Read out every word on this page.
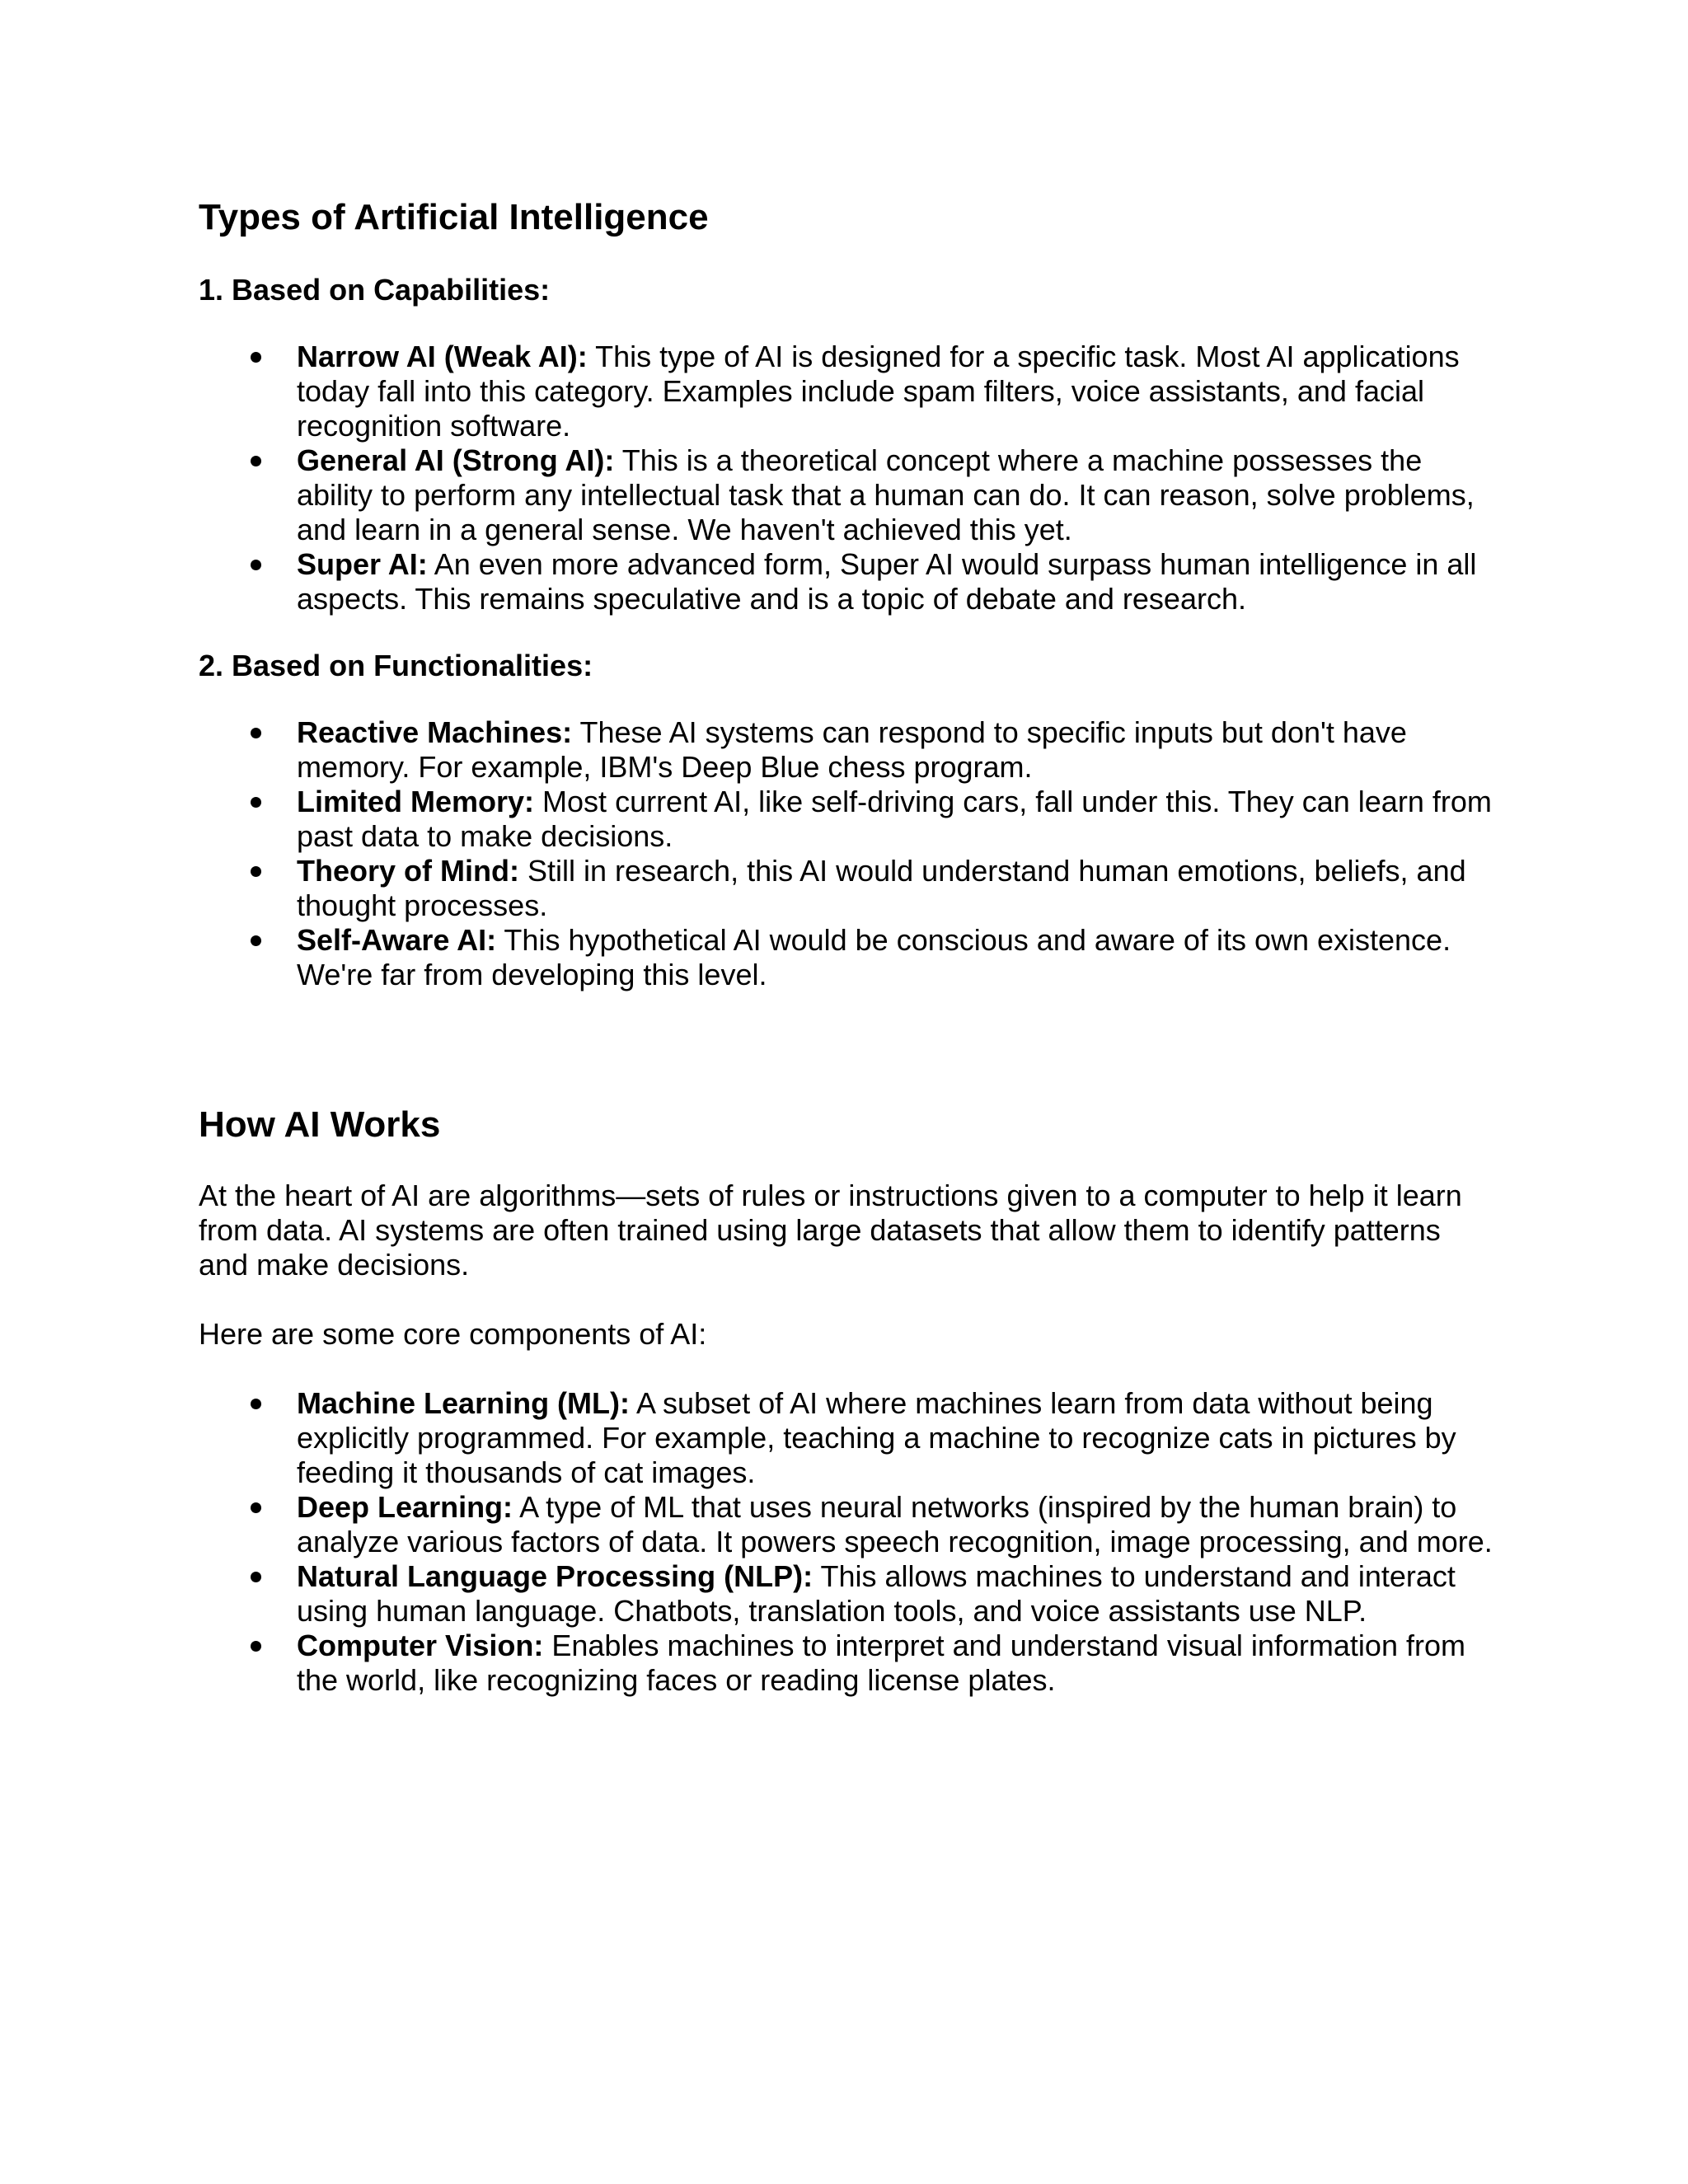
Types of Artificial Intelligence
1. Based on Capabilities:
Narrow AI (Weak AI): This type of AI is designed for a specific task. Most AI applications today fall into this category. Examples include spam filters, voice assistants, and facial recognition software.
General AI (Strong AI): This is a theoretical concept where a machine possesses the ability to perform any intellectual task that a human can do. It can reason, solve problems, and learn in a general sense. We haven't achieved this yet.
Super AI: An even more advanced form, Super AI would surpass human intelligence in all aspects. This remains speculative and is a topic of debate and research.
2. Based on Functionalities:
Reactive Machines: These AI systems can respond to specific inputs but don't have memory. For example, IBM's Deep Blue chess program.
Limited Memory: Most current AI, like self-driving cars, fall under this. They can learn from past data to make decisions.
Theory of Mind: Still in research, this AI would understand human emotions, beliefs, and thought processes.
Self-Aware AI: This hypothetical AI would be conscious and aware of its own existence. We're far from developing this level.
How AI Works

At the heart of AI are algorithms—sets of rules or instructions given to a computer to help it learn from data. AI systems are often trained using large datasets that allow them to identify patterns and make decisions.

Here are some core components of AI:

Machine Learning (ML): A subset of AI where machines learn from data without being explicitly programmed. For example, teaching a machine to recognize cats in pictures by feeding it thousands of cat images.
Deep Learning: A type of ML that uses neural networks (inspired by the human brain) to analyze various factors of data. It powers speech recognition, image processing, and more.
Natural Language Processing (NLP): This allows machines to understand and interact using human language. Chatbots, translation tools, and voice assistants use NLP.
Computer Vision: Enables machines to interpret and understand visual information from the world, like recognizing faces or reading license plates.
